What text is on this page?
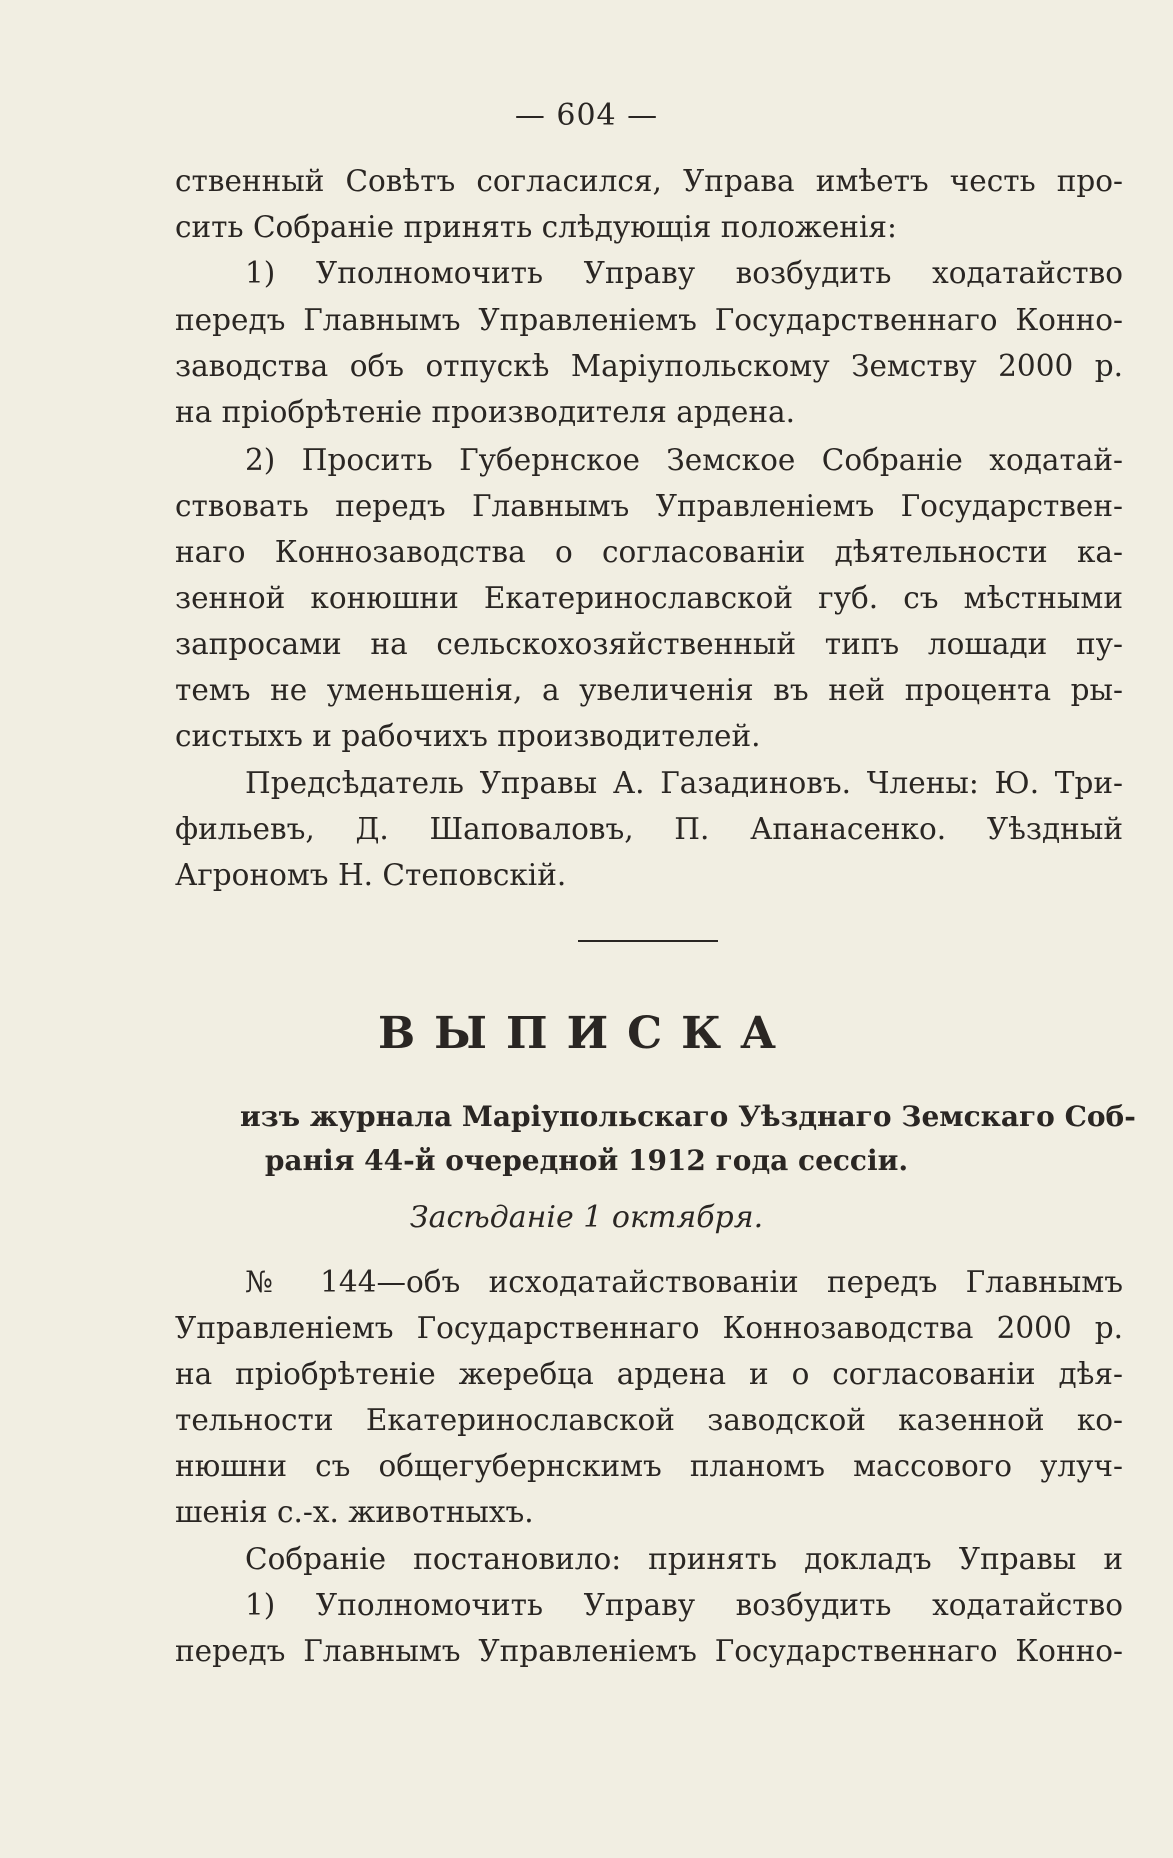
— 604 —
ственный Совѣтъ согласился, Управа имѣетъ честь про-
сить Собраніе принять слѣдующія положенія:
1) Уполномочить Управу возбудить ходатайство
передъ Главнымъ Управленіемъ Государственнаго Конно-
заводства объ отпускѣ Маріупольскому Земству 2000 р.
на пріобрѣтеніе производителя ардена.
2) Просить Губернское Земское Собраніе ходатай-
ствовать передъ Главнымъ Управленіемъ Государствен-
наго Коннозаводства о согласованіи дѣятельности ка-
зенной конюшни Екатеринославской губ. съ мѣстными
запросами на сельскохозяйственный типъ лошади пу-
темъ не уменьшенія, а увеличенія въ ней процента ры-
систыхъ и рабочихъ производителей.
Предсѣдатель Управы А. Газадиновъ. Члены: Ю. Три-
фильевъ, Д. Шаповаловъ, П. Апанасенко. Уѣздный
Агрономъ Н. Степовскій.
ВЫПИСКА
изъ журнала Маріупольскаго Уѣзднаго Земскаго Соб-
ранія 44-й очередной 1912 года сессіи.
Засѣданіе 1 октября.
№ 144—объ исходатайствованіи передъ Главнымъ
Управленіемъ Государственнаго Коннозаводства 2000 р.
на пріобрѣтеніе жеребца ардена и о согласованіи дѣя-
тельности Екатеринославской заводской казенной ко-
нюшни съ общегубернскимъ планомъ массового улуч-
шенія с.-х. животныхъ.
Собраніе постановило: принять докладъ Управы и
1) Уполномочить Управу возбудить ходатайство
передъ Главнымъ Управленіемъ Государственнаго Конно-
